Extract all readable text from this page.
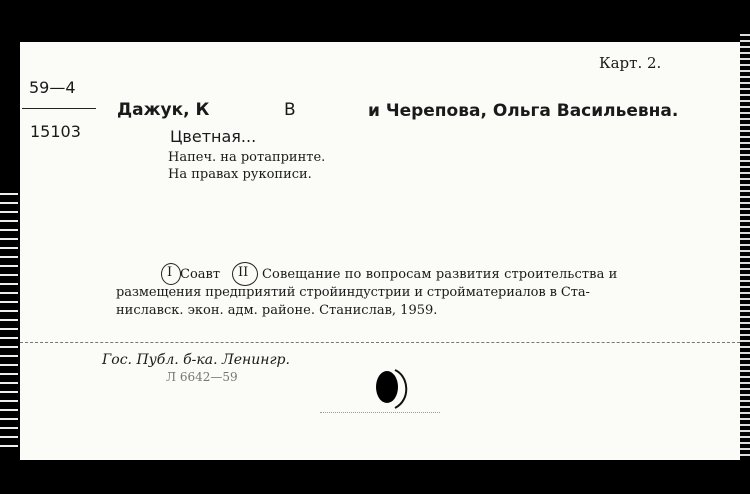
Карт. 2.
59—4
15103
Дажук, К	В	и Черепова, Ольга Васильевна.
Цветная...
Напеч. на ротапринте.
На правах рукописи.
I Соавт II Совещание по вопросам развития строительства и
размещения предприятий стройиндустрии и стройматериалов в Ста-
ниславск. экон. адм. районе. Станислав, 1959.
Гос. Публ. б-ка. Ленингр.
Л 6642—59
